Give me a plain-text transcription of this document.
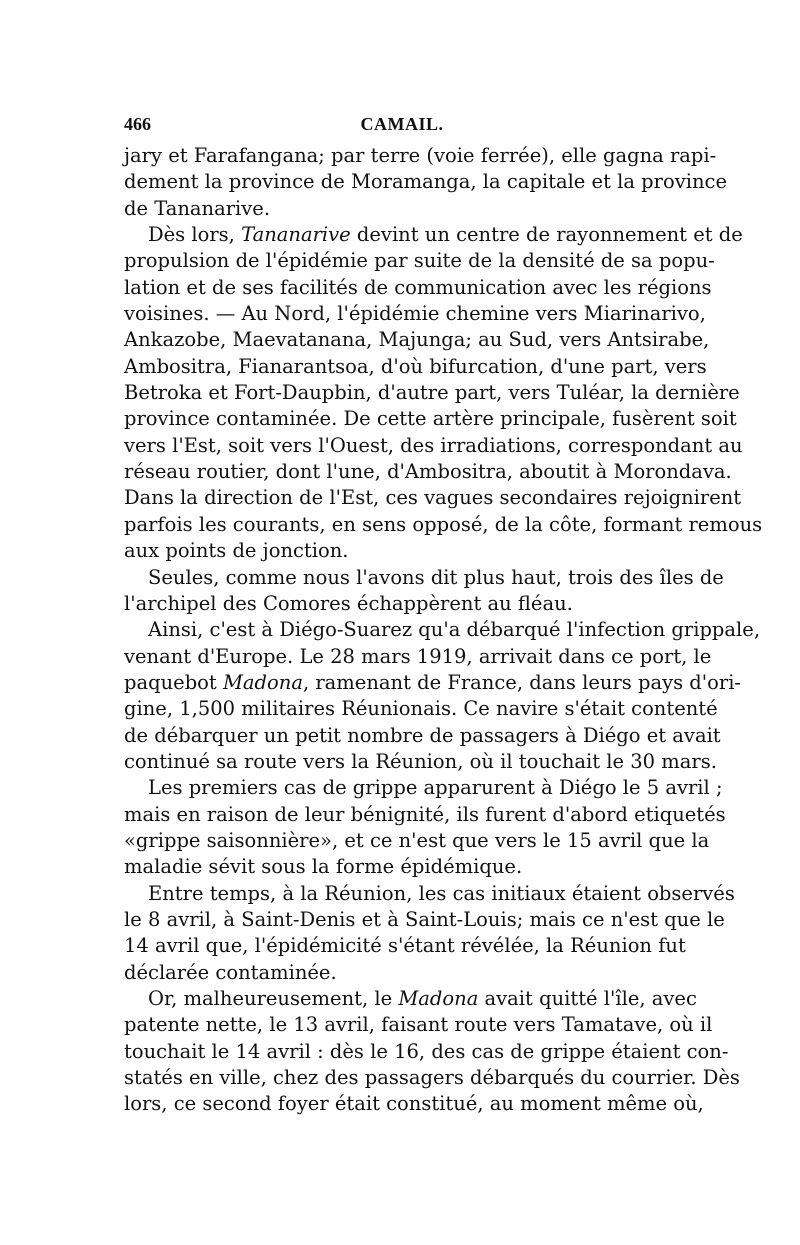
466	CAMAIL.
jary et Farafangana; par terre (voie ferrée), elle gagna rapi-
dement la province de Moramanga, la capitale et la province
de Tananarive.
Dès lors, Tananarive devint un centre de rayonnement et de
propulsion de l'épidémie par suite de la densité de sa popu-
lation et de ses facilités de communication avec les régions
voisines. — Au Nord, l'épidémie chemine vers Miarinarivo,
Ankazobe, Maevatanana, Majunga; au Sud, vers Antsirabe,
Ambositra, Fianarantsoa, d'où bifurcation, d'une part, vers
Betroka et Fort-Daupbin, d'autre part, vers Tuléar, la dernière
province contaminée. De cette artère principale, fusèrent soit
vers l'Est, soit vers l'Ouest, des irradiations, correspondant au
réseau routier, dont l'une, d'Ambositra, aboutit à Morondava.
Dans la direction de l'Est, ces vagues secondaires rejoignirent
parfois les courants, en sens opposé, de la côte, formant remous
aux points de jonction.
Seules, comme nous l'avons dit plus haut, trois des îles de
l'archipel des Comores échappèrent au fléau.
Ainsi, c'est à Diégo-Suarez qu'a débarqué l'infection grippale,
venant d'Europe. Le 28 mars 1919, arrivait dans ce port, le
paquebot Madona, ramenant de France, dans leurs pays d'ori-
gine, 1,500 militaires Réunionais. Ce navire s'était contenté
de débarquer un petit nombre de passagers à Diégo et avait
continué sa route vers la Réunion, où il touchait le 30 mars.
Les premiers cas de grippe apparurent à Diégo le 5 avril ;
mais en raison de leur bénignité, ils furent d'abord etiquetés
«grippe saisonnière», et ce n'est que vers le 15 avril que la
maladie sévit sous la forme épidémique.
Entre temps, à la Réunion, les cas initiaux étaient observés
le 8 avril, à Saint-Denis et à Saint-Louis; mais ce n'est que le
14 avril que, l'épidémicité s'étant révélée, la Réunion fut
déclarée contaminée.
Or, malheureusement, le Madona avait quitté l'île, avec
patente nette, le 13 avril, faisant route vers Tamatave, où il
touchait le 14 avril : dès le 16, des cas de grippe étaient con-
statés en ville, chez des passagers débarqués du courrier. Dès
lors, ce second foyer était constitué, au moment même où,
